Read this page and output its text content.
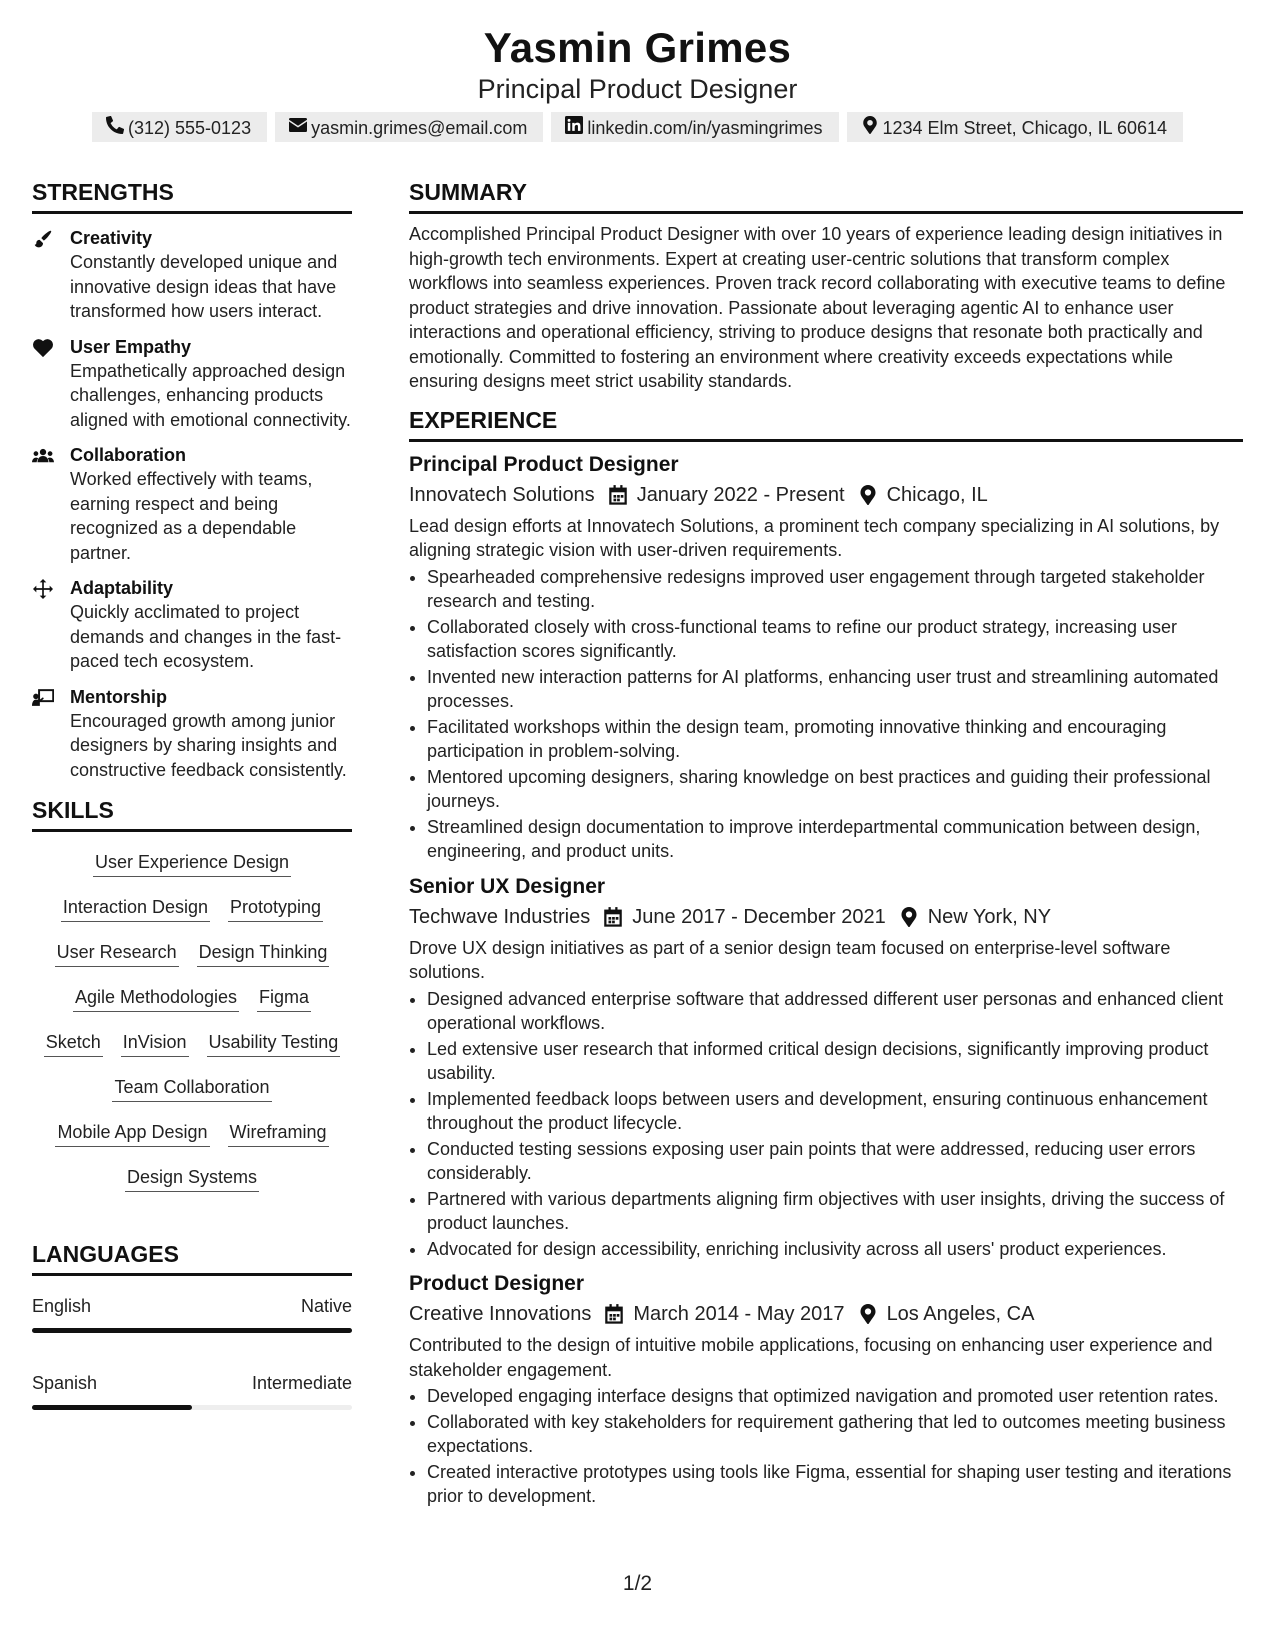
Yasmin Grimes
Principal Product Designer
(312) 555-0123	yasmin.grimes@email.com	linkedin.com/in/yasmingrimes	1234 Elm Street, Chicago, IL 60614
STRENGTHS
Creativity
Constantly developed unique and innovative design ideas that have transformed how users interact.
User Empathy
Empathetically approached design challenges, enhancing products aligned with emotional connectivity.
Collaboration
Worked effectively with teams, earning respect and being recognized as a dependable partner.
Adaptability
Quickly acclimated to project demands and changes in the fast-paced tech ecosystem.
Mentorship
Encouraged growth among junior designers by sharing insights and constructive feedback consistently.
SKILLS
User Experience Design
Interaction Design Prototyping
User Research Design Thinking
Agile Methodologies Figma
Sketch InVision Usability Testing
Team Collaboration
Mobile App Design Wireframing
Design Systems
LANGUAGES
English	Native
Spanish	Intermediate
SUMMARY
Accomplished Principal Product Designer with over 10 years of experience leading design initiatives in high-growth tech environments. Expert at creating user-centric solutions that transform complex workflows into seamless experiences. Proven track record collaborating with executive teams to define product strategies and drive innovation. Passionate about leveraging agentic AI to enhance user interactions and operational efficiency, striving to produce designs that resonate both practically and emotionally. Committed to fostering an environment where creativity exceeds expectations while ensuring designs meet strict usability standards.
EXPERIENCE
Principal Product Designer
Innovatech Solutions January 2022 - Present Chicago, IL
Lead design efforts at Innovatech Solutions, a prominent tech company specializing in AI solutions, by aligning strategic vision with user-driven requirements.
• Spearheaded comprehensive redesigns improved user engagement through targeted stakeholder research and testing.
• Collaborated closely with cross-functional teams to refine our product strategy, increasing user satisfaction scores significantly.
• Invented new interaction patterns for AI platforms, enhancing user trust and streamlining automated processes.
• Facilitated workshops within the design team, promoting innovative thinking and encouraging participation in problem-solving.
• Mentored upcoming designers, sharing knowledge on best practices and guiding their professional journeys.
• Streamlined design documentation to improve interdepartmental communication between design, engineering, and product units.
Senior UX Designer
Techwave Industries June 2017 - December 2021 New York, NY
Drove UX design initiatives as part of a senior design team focused on enterprise-level software solutions.
• Designed advanced enterprise software that addressed different user personas and enhanced client operational workflows.
• Led extensive user research that informed critical design decisions, significantly improving product usability.
• Implemented feedback loops between users and development, ensuring continuous enhancement throughout the product lifecycle.
• Conducted testing sessions exposing user pain points that were addressed, reducing user errors considerably.
• Partnered with various departments aligning firm objectives with user insights, driving the success of product launches.
• Advocated for design accessibility, enriching inclusivity across all users' product experiences.
Product Designer
Creative Innovations March 2014 - May 2017 Los Angeles, CA
Contributed to the design of intuitive mobile applications, focusing on enhancing user experience and stakeholder engagement.
• Developed engaging interface designs that optimized navigation and promoted user retention rates.
• Collaborated with key stakeholders for requirement gathering that led to outcomes meeting business expectations.
• Created interactive prototypes using tools like Figma, essential for shaping user testing and iterations prior to development.
1/2
